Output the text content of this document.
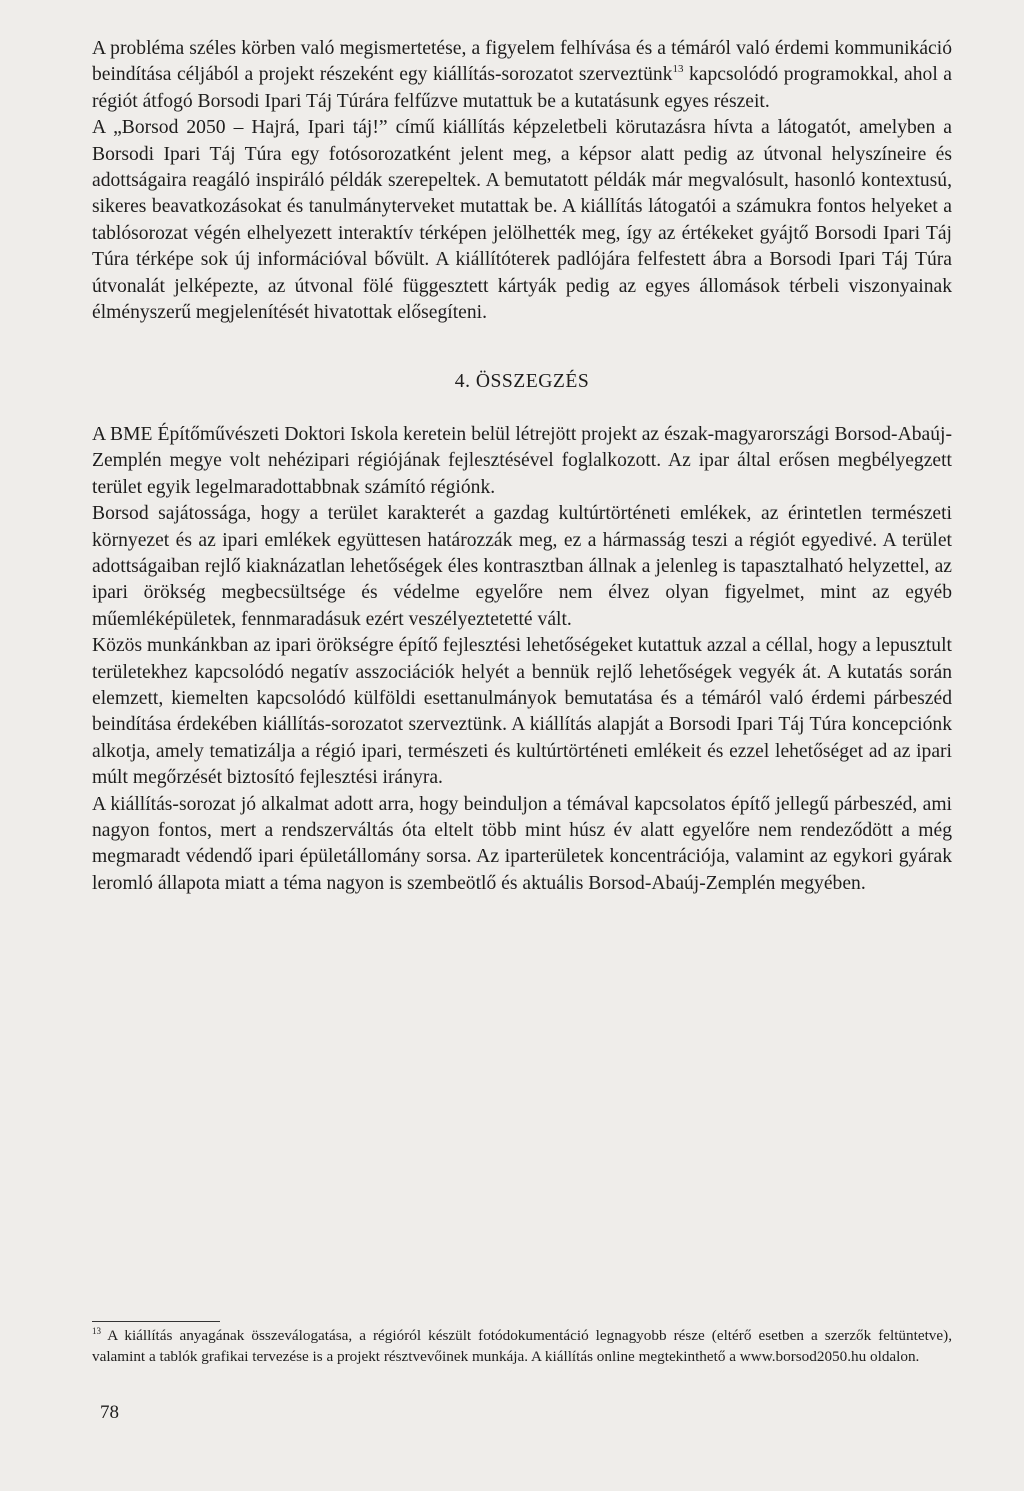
A probléma széles körben való megismertetése, a figyelem felhívása és a témáról való érdemi kommunikáció beindítása céljából a projekt részeként egy kiállítás-sorozatot szerveztünk$^{13}$ kapcsolódó programokkal, ahol a régiót átfogó Borsodi Ipari Táj Túrára felfűzve mutattuk be a kutatásunk egyes részeit.

A „Borsod 2050 – Hajrá, Ipari táj!” című kiállítás képzeletbeli körutazásra hívta a látogatót, amelyben a Borsodi Ipari Táj Túra egy fotósorozatként jelent meg, a képsor alatt pedig az útvonal helyszíneire és adottságaira reagáló inspiráló példák szerepeltek. A bemutatott példák már megvalósult, hasonló kontextusú, sikeres beavatkozásokat és tanulmányterveket mutattak be. A kiállítás látogatói a számukra fontos helyeket a tablósorozat végén elhelyezett interaktív térképen jelölhették meg, így az értékeket gyájtő Borsodi Ipari Táj Túra térképe sok új információval bővült. A kiállítóterek padlójára felfestett ábra a Borsodi Ipari Táj Túra útvonalát jelképezte, az útvonal fölé függesztett kártyák pedig az egyes állomások térbeli viszonyainak élményszerű megjelenítését hivatottak elősegíteni.

4. ÖSSZEGZÉS

A BME Építőművészeti Doktori Iskola keretein belül létrejött projekt az észak-magyarországi Borsod-Abaúj-Zemplén megye volt nehézipari régiójának fejlesztésével foglalkozott. Az ipar által erősen megbélyegzett terület egyik legelmaradottabbnak számító régiónk.

Borsod sajátossága, hogy a terület karakterét a gazdag kultúrtörténeti emlékek, az érintetlen természeti környezet és az ipari emlékek együttesen határozzák meg, ez a hármasság teszi a régiót egyedivé. A terület adottságaiban rejlő kiaknázatlan lehetőségek éles kontrasztban állnak a jelenleg is tapasztalható helyzettel, az ipari örökség megbecsültsége és védelme egyelőre nem élvez olyan figyelmet, mint az egyéb műemléképületek, fennmaradásuk ezért veszélyeztetetté vált.

Közös munkánkban az ipari örökségre építő fejlesztési lehetőségeket kutattuk azzal a céllal, hogy a lepusztult területekhez kapcsolódó negatív asszociációk helyét a bennük rejlő lehetőségek vegyék át. A kutatás során elemzett, kiemelten kapcsolódó külföldi esettanulmányok bemutatása és a témáról való érdemi párbeszéd beindítása érdekében kiállítás-sorozatot szerveztünk. A kiállítás alapját a Borsodi Ipari Táj Túra koncepciónk alkotja, amely tematizálja a régió ipari, természeti és kultúrtörténeti emlékeit és ezzel lehetőséget ad az ipari múlt megőrzését biztosító fejlesztési irányra.

A kiállítás-sorozat jó alkalmat adott arra, hogy beinduljon a témával kapcsolatos építő jellegű párbeszéd, ami nagyon fontos, mert a rendszerváltás óta eltelt több mint húsz év alatt egyelőre nem rendeződött a még megmaradt védendő ipari épületállomány sorsa. Az iparterületek koncentrációja, valamint az egykori gyárak leromló állapota miatt a téma nagyon is szembeötlő és aktuális Borsod-Abaúj-Zemplén megyében.

$^{13}$ A kiállítás anyagának összeválogatása, a régióról készült fotódokumentáció legnagyobb része (eltérő esetben a szerzők feltüntetve), valamint a tablók grafikai tervezése is a projekt résztvevőinek munkája. A kiállítás online megtekinthető a www.borsod2050.hu oldalon.

78
